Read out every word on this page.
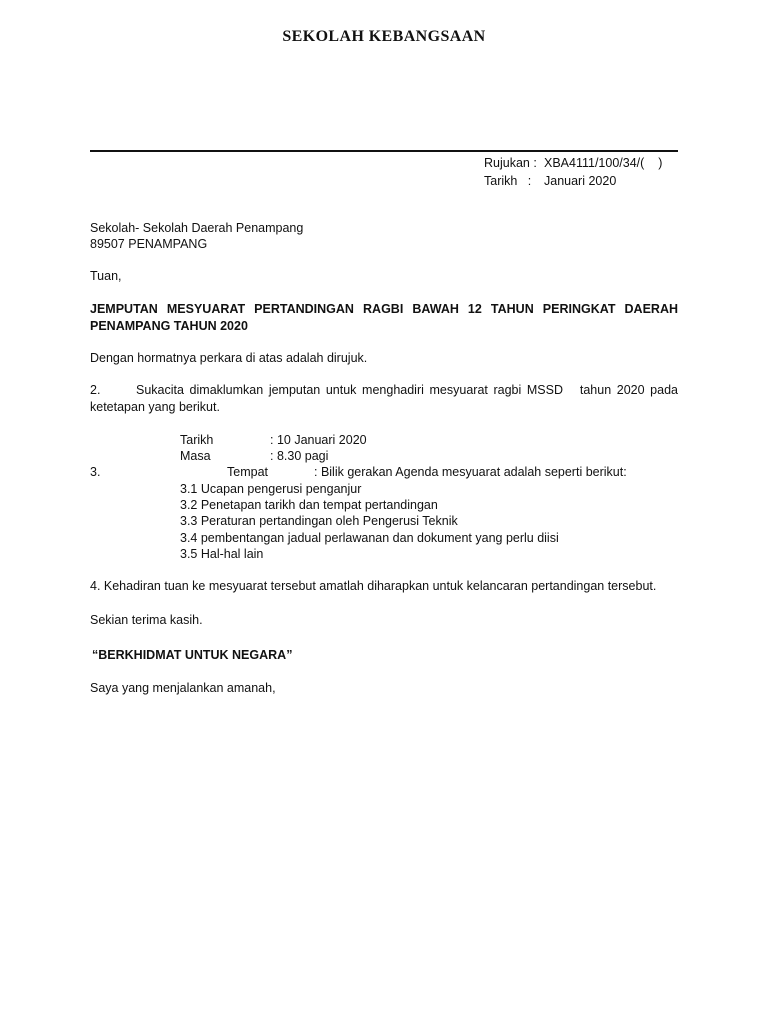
SEKOLAH KEBANGSAAN
Rujukan : XBA4111/100/34/(    )
Tarikh   :	Januari 2020
Sekolah- Sekolah Daerah Penampang
89507 PENAMPANG
Tuan,
JEMPUTAN MESYUARAT PERTANDINGAN RAGBI BAWAH 12 TAHUN PERINGKAT DAERAH PENAMPANG TAHUN 2020
Dengan hormatnya perkara di atas adalah dirujuk.
2.	Sukacita dimaklumkan jemputan untuk menghadiri mesyuarat ragbi MSSD   tahun 2020 pada ketetapan yang berikut.
Tarikh	: 10 Januari 2020
Masa	: 8.30 pagi
3.	Tempat	: Bilik gerakan Agenda mesyuarat adalah seperti berikut:
3.1 Ucapan pengerusi penganjur
3.2 Penetapan tarikh dan tempat pertandingan
3.3 Peraturan pertandingan oleh Pengerusi Teknik
3.4 pembentangan jadual perlawanan dan dokument yang perlu diisi
3.5 Hal-hal lain
4. Kehadiran tuan ke mesyuarat tersebut amatlah diharapkan untuk kelancaran pertandingan tersebut.
Sekian terima kasih.
“BERKHIDMAT UNTUK NEGARA”
Saya yang menjalankan amanah,
